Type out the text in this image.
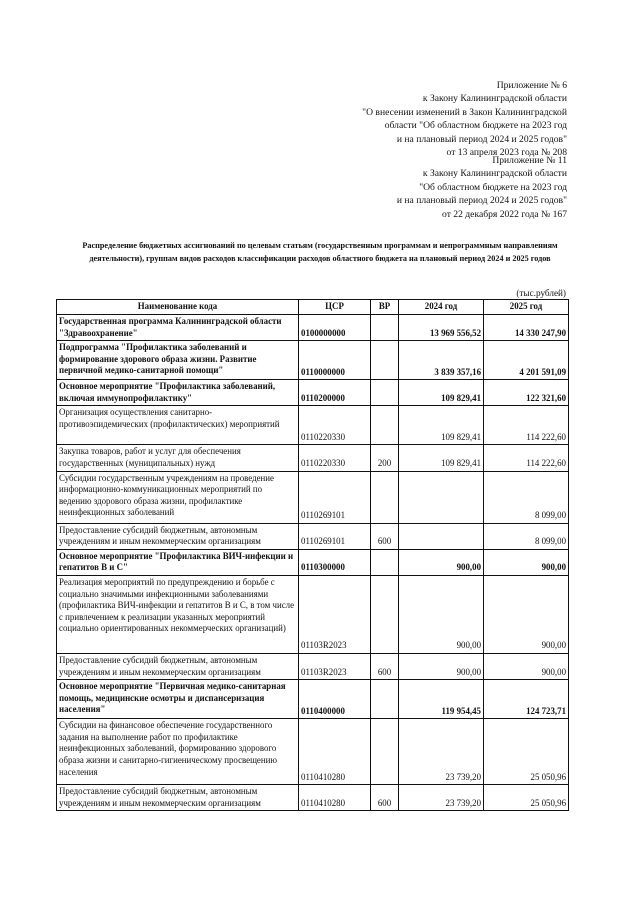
Приложение № 6
к Закону Калининградской области
"О внесении изменений в Закон Калининградской
области "Об областном бюджете на 2023 год
и на плановый период 2024 и 2025 годов"
от 13 апреля 2023 года № 208
Приложение № 11
к Закону Калининградской области
"Об областном бюджете на 2023 год
и на плановый период 2024 и 2025 годов"
от 22 декабря 2022 года № 167
Распределение бюджетных ассигнований по целевым статьям (государственным программам и непрограммным направлениям деятельности), группам видов расходов классификации расходов областного бюджета на плановый период 2024 и 2025 годов
(тыс.рублей)
Наименование кода	ЦСР	ВР	2024 год	2025 год
Государственная программа Калининградской области "Здравоохранение"	0100000000		13 969 556,52	14 330 247,90
Подпрограмма "Профилактика заболеваний и формирование здорового образа жизни. Развитие первичной медико-санитарной помощи"	0110000000		3 839 357,16	4 201 591,09
Основное мероприятие "Профилактика заболеваний, включая иммунопрофилактику"	0110200000		109 829,41	122 321,60
Организация осуществления санитарно-противоэпидемических (профилактических) мероприятий	0110220330		109 829,41	114 222,60
Закупка товаров, работ и услуг для обеспечения государственных (муниципальных) нужд	0110220330	200	109 829,41	114 222,60
Субсидии государственным учреждениям на проведение информационно-коммуникационных мероприятий по ведению здорового образа жизни, профилактике неинфекционных заболеваний	0110269101			8 099,00
Предоставление субсидий бюджетным, автономным учреждениям и иным некоммерческим организациям	0110269101	600		8 099,00
Основное мероприятие "Профилактика ВИЧ-инфекции и гепатитов В и С"	0110300000		900,00	900,00
Реализация мероприятий по предупреждению и борьбе с социально значимыми инфекционными заболеваниями (профилактика ВИЧ-инфекции и гепатитов В и С, в том числе с привлечением к реализации указанных мероприятий социально ориентированных некоммерческих организаций)	01103R2023		900,00	900,00
Предоставление субсидий бюджетным, автономным учреждениям и иным некоммерческим организациям	01103R2023	600	900,00	900,00
Основное мероприятие "Первичная медико-санитарная помощь, медицинские осмотры и диспансеризация населения"	0110400000		119 954,45	124 723,71
Субсидии на финансовое обеспечение государственного задания на выполнение работ по профилактике неинфекционных заболеваний, формированию здорового образа жизни и санитарно-гигиеническому просвещению населения	0110410280		23 739,20	25 050,96
Предоставление субсидий бюджетным, автономным учреждениям и иным некоммерческим организациям	0110410280	600	23 739,20	25 050,96
